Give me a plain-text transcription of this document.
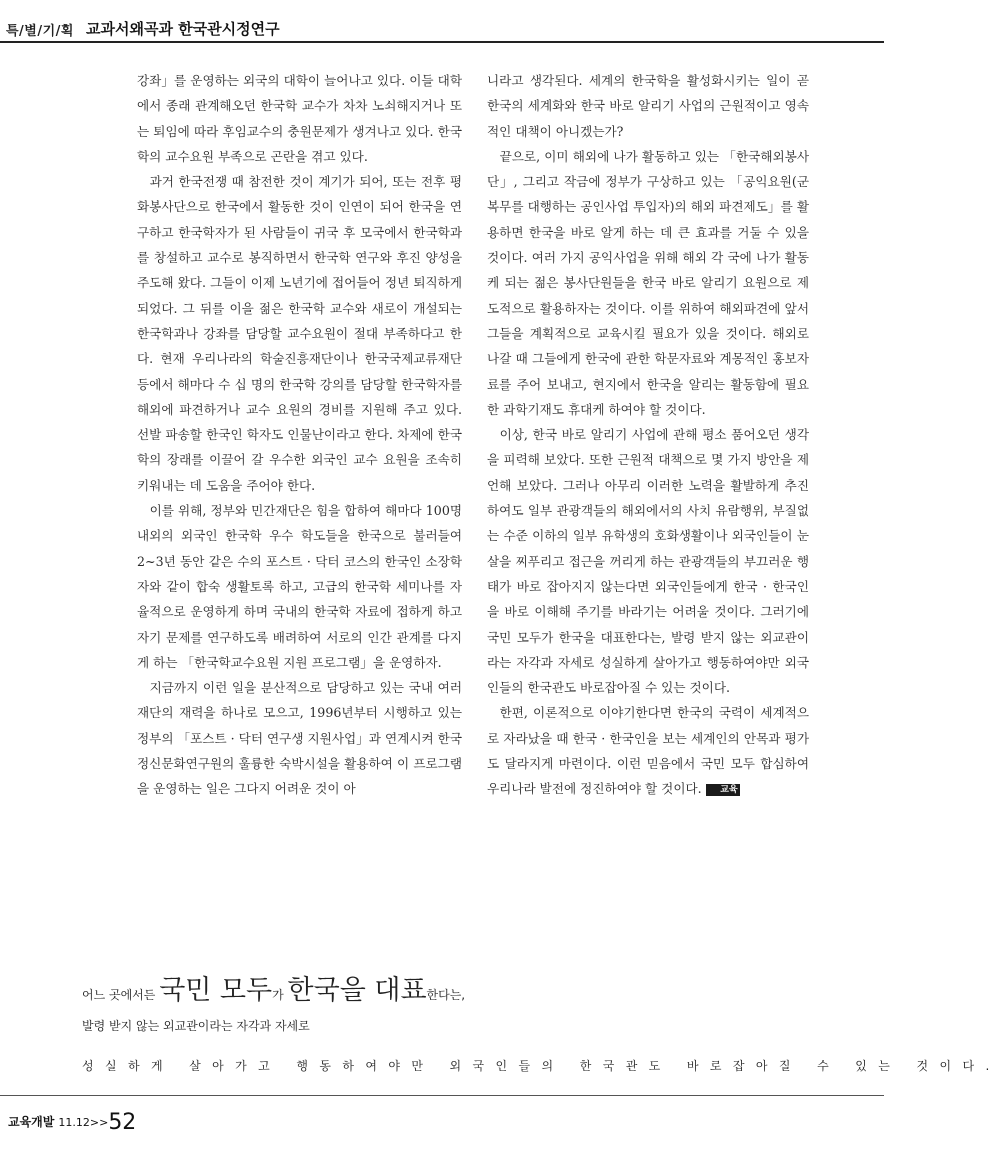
특/별/기/획 교과서왜곡과 한국관시정연구

강좌」를 운영하는 외국의 대학이 늘어나고 있다. 이들 대학에서 종래 관계해오던 한국학 교수가 차차 노쇠해지거나 또는 퇴임에 따라 후임교수의 충원문제가 생겨나고 있다. 한국학의 교수요원 부족으로 곤란을 겪고 있다.

과거 한국전쟁 때 참전한 것이 계기가 되어, 또는 전후 평화봉사단으로 한국에서 활동한 것이 인연이 되어 한국을 연구하고 한국학자가 된 사람들이 귀국 후 모국에서 한국학과를 창설하고 교수로 봉직하면서 한국학 연구와 후진 양성을 주도해 왔다. 그들이 이제 노년기에 접어들어 정년 퇴직하게 되었다. 그 뒤를 이을 젊은 한국학 교수와 새로이 개설되는 한국학과나 강좌를 담당할 교수요원이 절대 부족하다고 한다. 현재 우리나라의 학술진흥재단이나 한국국제교류재단 등에서 해마다 수 십 명의 한국학 강의를 담당할 한국학자를 해외에 파견하거나 교수 요원의 경비를 지원해 주고 있다. 선발 파송할 한국인 학자도 인물난이라고 한다. 차제에 한국학의 장래를 이끌어 갈 우수한 외국인 교수 요원을 조속히 키워내는 데 도움을 주어야 한다.

이를 위해, 정부와 민간재단은 힘을 합하여 해마다 100명 내외의 외국인 한국학 우수 학도들을 한국으로 불러들여 2~3년 동안 같은 수의 포스트 · 닥터 코스의 한국인 소장학자와 같이 합숙 생활토록 하고, 고급의 한국학 세미나를 자율적으로 운영하게 하며 국내의 한국학 자료에 접하게 하고 자기 문제를 연구하도록 배려하여 서로의 인간 관계를 다지게 하는 「한국학교수요원 지원 프로그램」을 운영하자.

지금까지 이런 일을 분산적으로 담당하고 있는 국내 여러 재단의 재력을 하나로 모으고, 1996년부터 시행하고 있는 정부의 「포스트 · 닥터 연구생 지원사업」과 연계시켜 한국정신문화연구원의 훌륭한 숙박시설을 활용하여 이 프로그램을 운영하는 일은 그다지 어려운 것이 아

니라고 생각된다. 세계의 한국학을 활성화시키는 일이 곧 한국의 세계화와 한국 바로 알리기 사업의 근원적이고 영속적인 대책이 아니겠는가?

끝으로, 이미 해외에 나가 활동하고 있는 「한국해외봉사단」, 그리고 작금에 정부가 구상하고 있는 「공익요원(군복무를 대행하는 공인사업 투입자)의 해외 파견제도」를 활용하면 한국을 바로 알게 하는 데 큰 효과를 거둘 수 있을 것이다. 여러 가지 공익사업을 위해 해외 각 국에 나가 활동케 되는 젊은 봉사단원들을 한국 바로 알리기 요원으로 제도적으로 활용하자는 것이다. 이를 위하여 해외파견에 앞서 그들을 계획적으로 교육시킬 필요가 있을 것이다. 해외로 나갈 때 그들에게 한국에 관한 학문자료와 계몽적인 홍보자료를 주어 보내고, 현지에서 한국을 알리는 활동함에 필요한 과학기재도 휴대케 하여야 할 것이다.

이상, 한국 바로 알리기 사업에 관해 평소 품어오던 생각을 피력해 보았다. 또한 근원적 대책으로 몇 가지 방안을 제언해 보았다. 그러나 아무리 이러한 노력을 활발하게 추진하여도 일부 관광객들의 해외에서의 사치 유람행위, 부질없는 수준 이하의 일부 유학생의 호화생활이나 외국인들이 눈살을 찌푸리고 접근을 꺼리게 하는 관광객들의 부끄러운 행태가 바로 잡아지지 않는다면 외국인들에게 한국 · 한국인을 바로 이해해 주기를 바라기는 어려울 것이다. 그러기에 국민 모두가 한국을 대표한다는, 발령 받지 않는 외교관이라는 자각과 자세로 성실하게 살아가고 행동하여야만 외국인들의 한국관도 바로잡아질 수 있는 것이다.

한편, 이론적으로 이야기한다면 한국의 국력이 세계적으로 자라났을 때 한국 · 한국인을 보는 세계인의 안목과 평가도 달라지게 마련이다. 이런 믿음에서 국민 모두 합심하여 우리나라 발전에 정진하여야 할 것이다. 교육

어느 곳에서든 국민 모두가 한국을 대표한다는,
발령 받지 않는 외교관이라는 자각과 자세로
성실하게 살아가고 행동하여야만 외국인들의 한국관도 바로잡아질 수 있는 것이다.
교육개발 11.12>>52
